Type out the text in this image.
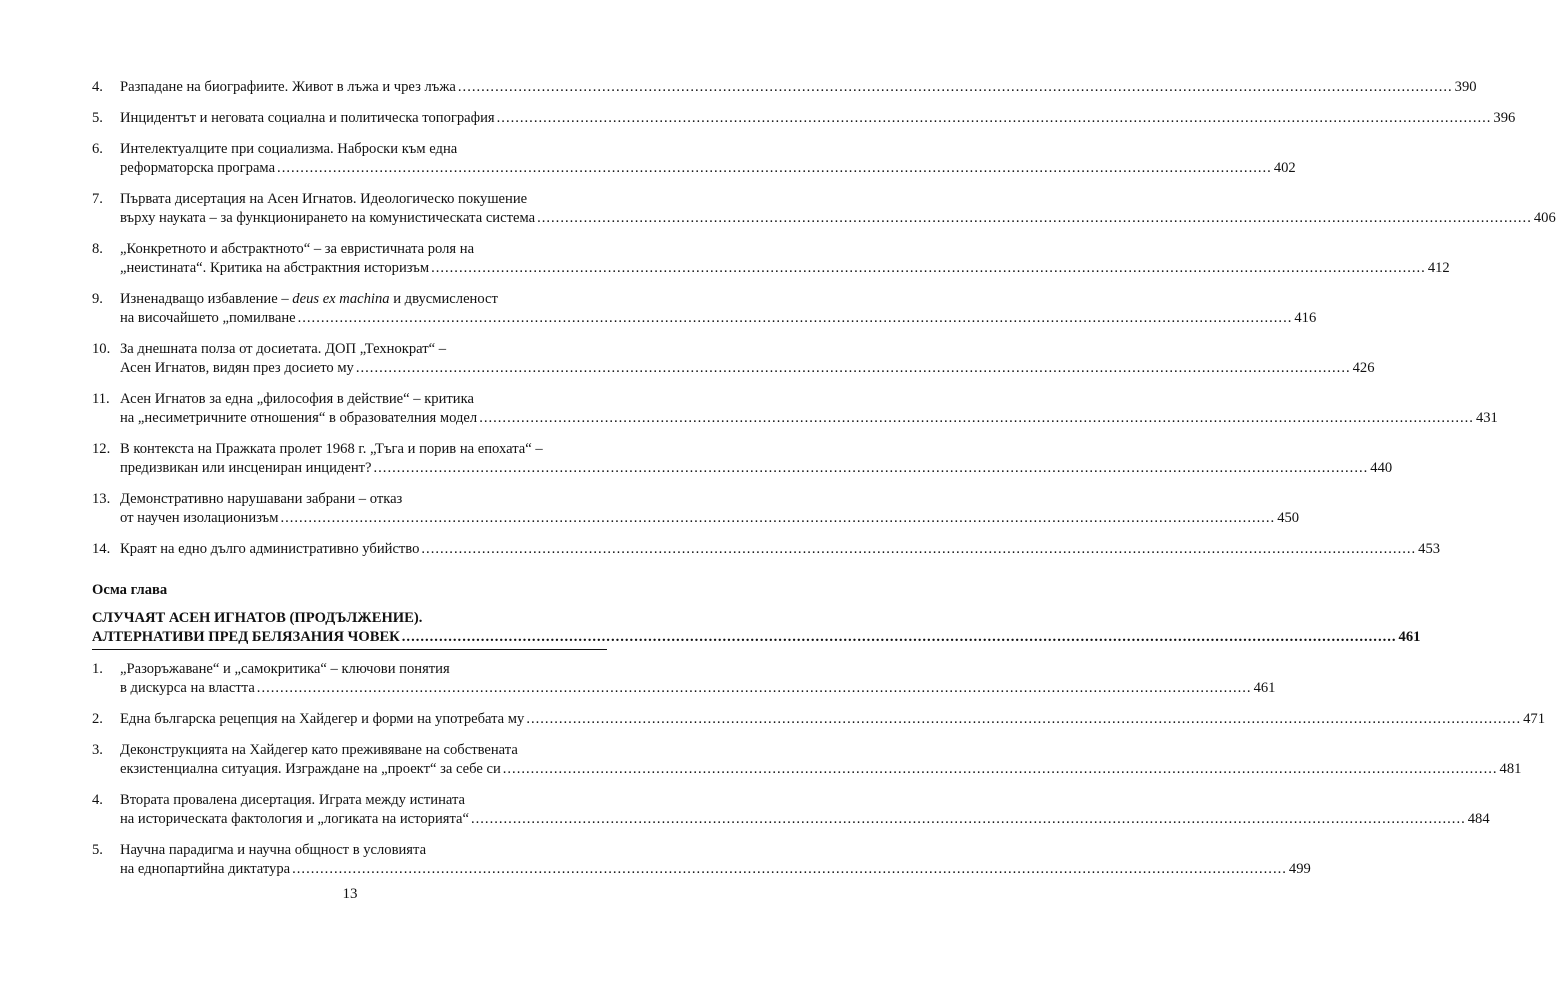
4.	Разпадане на биографиите. Живот в лъжа и чрез лъжа .....	390
5.	Инцидентът и неговата социална и политическа топография .....	396
6.	Интелектуалците при социализма. Наброски към една
реформаторска програма .....	402
7.	Първата дисертация на Асен Игнатов. Идеологическо покушение
върху науката – за функционирането на комунистическата система .....	406
8.	„Конкретното и абстрактното“ – за евристичната роля на
„неистината“. Критика на абстрактния историзъм .....	412
9.	Изненадващо избавление – deus ex machina и двусмисленост
на височайшето „помилване .....	416
10. За днешната полза от досиетата. ДОП „Технократ“ –
Асен Игнатов, видян през досието му .....	426
11. Асен Игнатов за една „философия в действие“ – критика
на „несиметричните отношения“ в образователния модел .....	431
12. В контекста на Пражката пролет 1968 г. „Тъга и порив на епохата“ –
предизвикан или инсцениран инцидент? .....	440
13. Демонстративно нарушавани забрани – отказ
от научен изолационизъм .....	450
14. Краят на едно дълго административно убийство .....	453
Осма глава
СЛУЧАЯТ АСЕН ИГНАТОВ (ПРОДЪЛЖЕНИЕ).
АЛТЕРНАТИВИ ПРЕД БЕЛЯЗАНИЯ ЧОВЕК .....	461
1.	„Разоръжаване“ и „самокритика“ – ключови понятия
в дискурса на властта .....	461
2.	Една българска рецепция на Хайдегер и форми на употребата му .....	471
3.	Деконструкцията на Хайдегер като преживяване на собствената
екзистенциална ситуация. Изграждане на „проект“ за себе си .....	481
4.	Втората провалена дисертация. Играта между истината
на историческата фактология и „логиката на историята“ .....	484
5.	Научна парадигма и научна общност в условията
на еднопартийна диктатура .....	499
13
